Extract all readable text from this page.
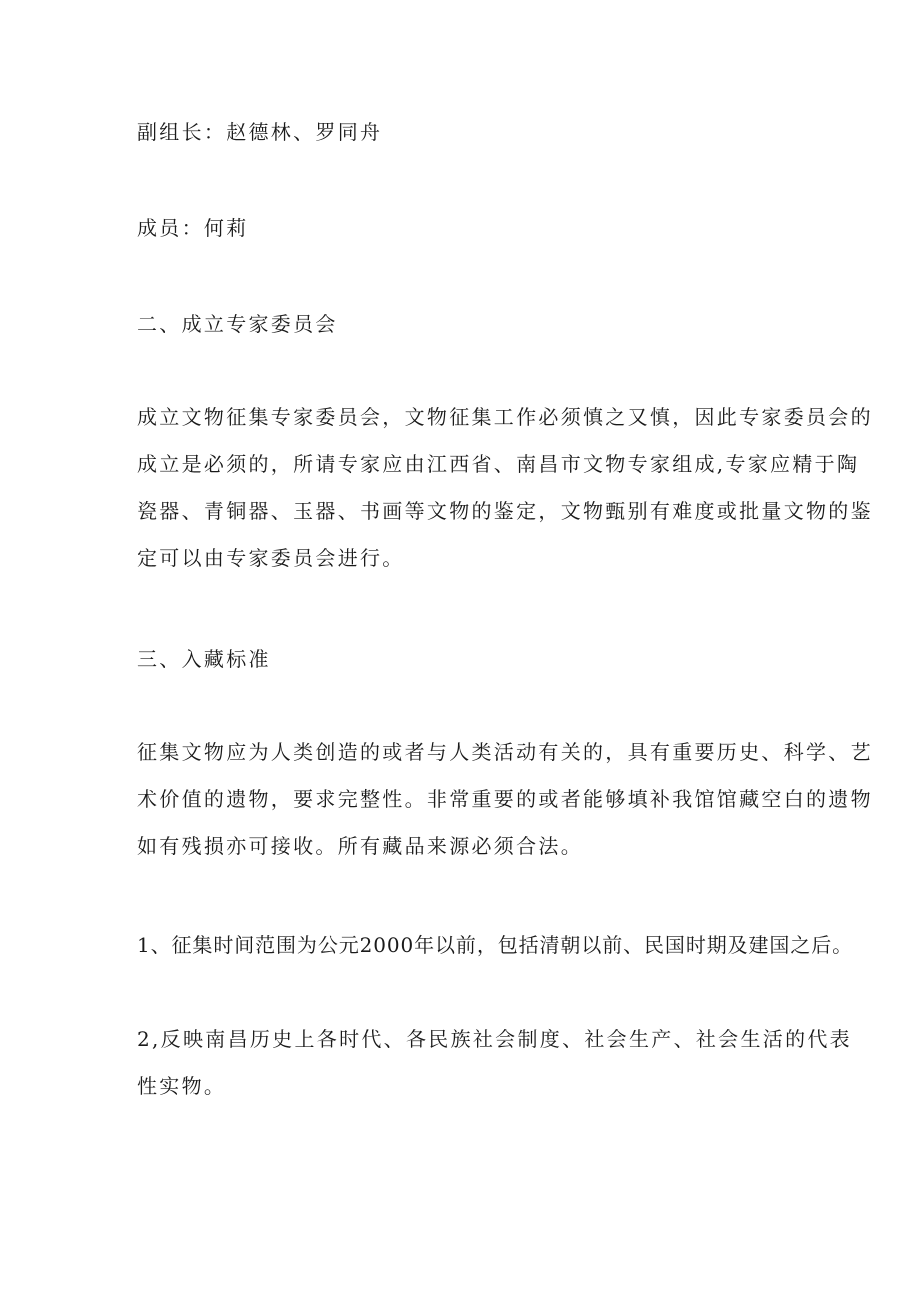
副组长：赵德林、罗同舟
成员：何莉
二、成立专家委员会
成立文物征集专家委员会，文物征集工作必须慎之又慎，因此专家委员会的
成立是必须的，所请专家应由江西省、南昌市文物专家组成,专家应精于陶
瓷器、青铜器、玉器、书画等文物的鉴定，文物甄别有难度或批量文物的鉴
定可以由专家委员会进行。
三、入藏标准
征集文物应为人类创造的或者与人类活动有关的，具有重要历史、科学、艺
术价值的遗物，要求完整性。非常重要的或者能够填补我馆馆藏空白的遗物
如有残损亦可接收。所有藏品来源必须合法。
1、征集时间范围为公元2000年以前，包括清朝以前、民国时期及建国之后。
2,反映南昌历史上各时代、各民族社会制度、社会生产、社会生活的代表
性实物。
